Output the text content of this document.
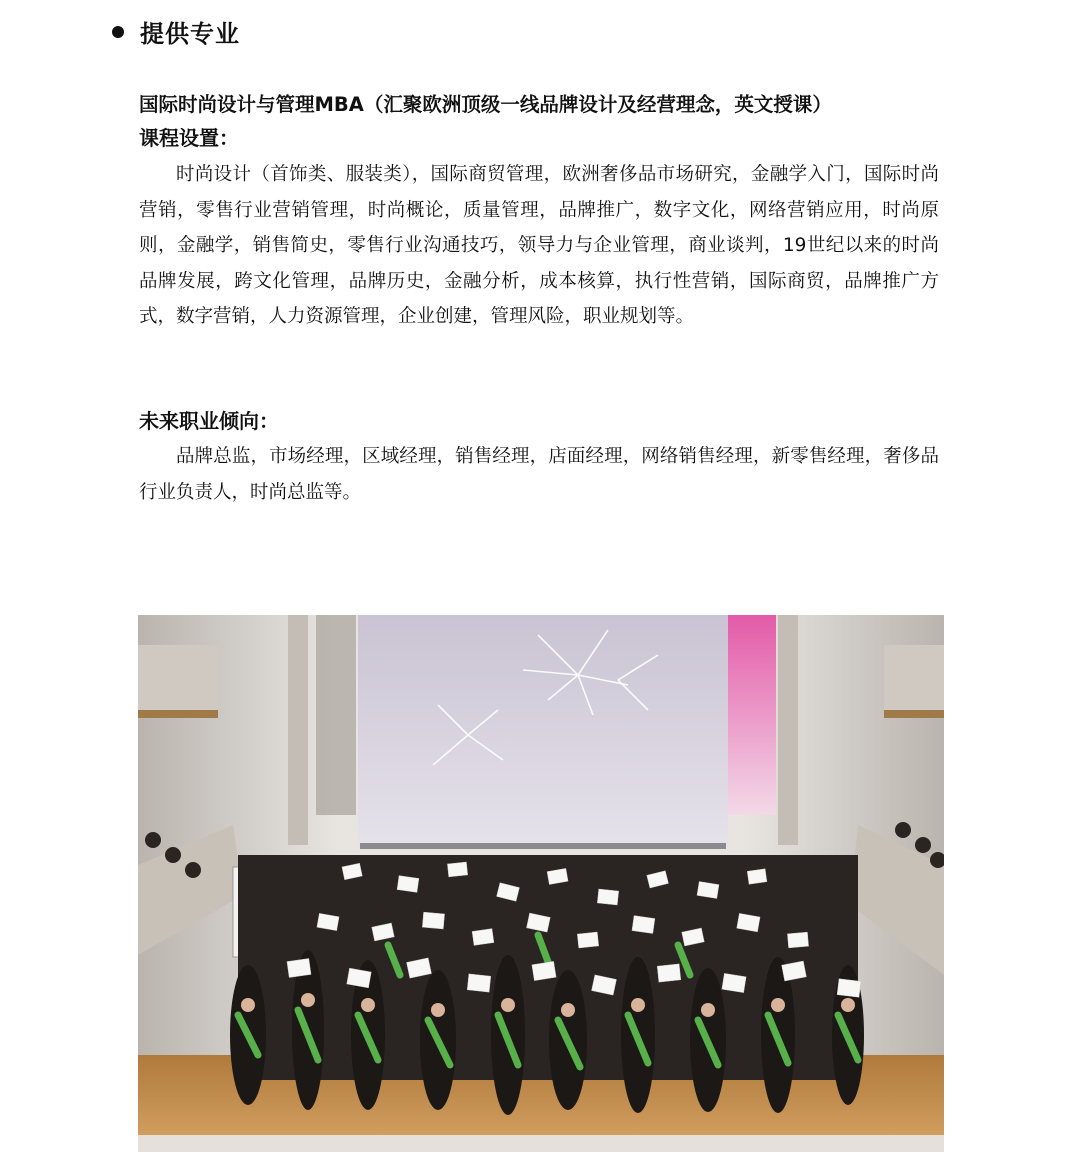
提供专业
国际时尚设计与管理MBA（汇聚欧洲顶级一线品牌设计及经营理念，英文授课）
课程设置：

时尚设计（首饰类、服装类），国际商贸管理，欧洲奢侈品市场研究，金融学入门，国际时尚营销，零售行业营销管理，时尚概论，质量管理，品牌推广，数字文化，网络营销应用，时尚原则，金融学，销售简史，零售行业沟通技巧，领导力与企业管理，商业谈判，19世纪以来的时尚品牌发展，跨文化管理，品牌历史，金融分析，成本核算，执行性营销，国际商贸，品牌推广方式，数字营销，人力资源管理，企业创建，管理风险，职业规划等。

未来职业倾向：

品牌总监，市场经理，区域经理，销售经理，店面经理，网络销售经理，新零售经理，奢侈品行业负责人，时尚总监等。
